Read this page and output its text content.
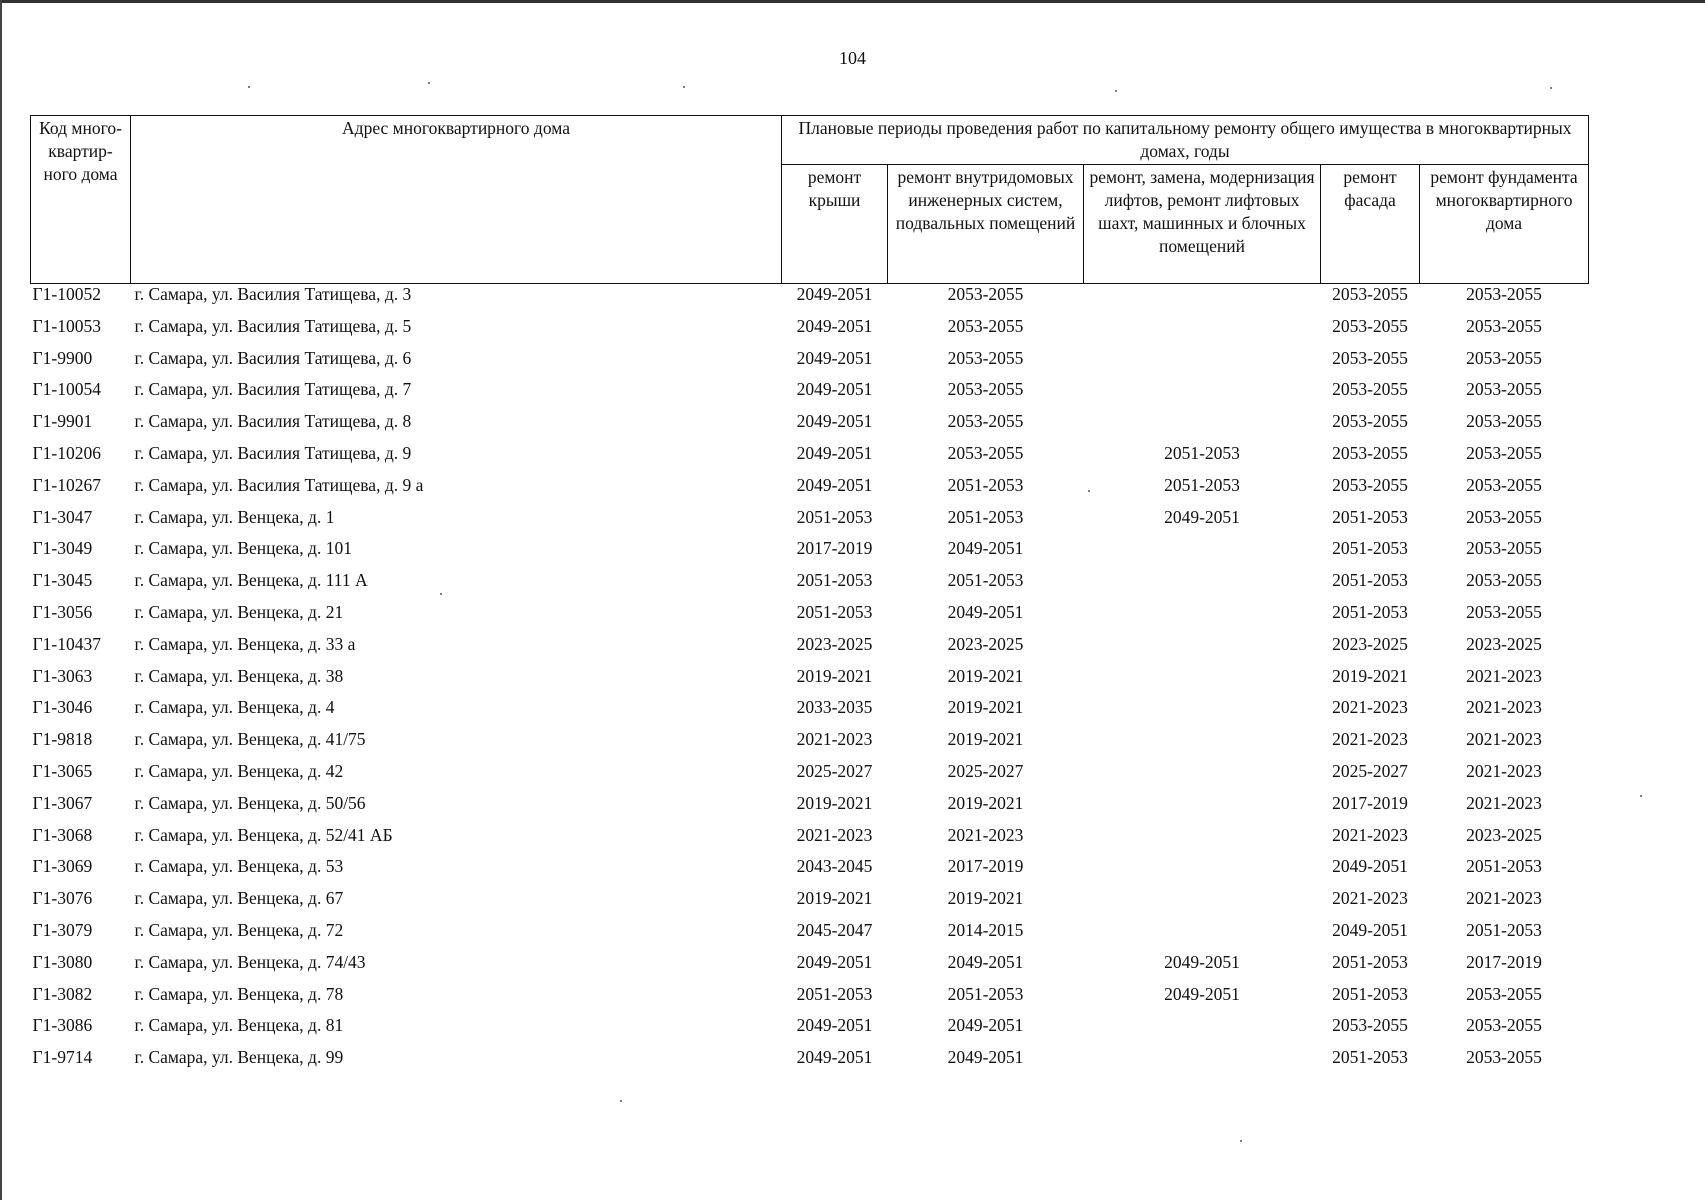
104
Код много-квартир-ного дома	Адрес многоквартирного дома	Плановые периоды проведения работ по капитальному ремонту общего имущества в многоквартирных домах, годы				
		ремонт крыши	ремонт внутридомовых инженерных систем, подвальных помещений	ремонт, замена, модернизация лифтов, ремонт лифтовых шахт, машинных и блочных помещений	ремонт фасада	ремонт фундамента многоквартирного дома
Г1-10052	г. Самара, ул. Василия Татищева, д. 3	2049-2051	2053-2055		2053-2055	2053-2055
Г1-10053	г. Самара, ул. Василия Татищева, д. 5	2049-2051	2053-2055		2053-2055	2053-2055
Г1-9900	г. Самара, ул. Василия Татищева, д. 6	2049-2051	2053-2055		2053-2055	2053-2055
Г1-10054	г. Самара, ул. Василия Татищева, д. 7	2049-2051	2053-2055		2053-2055	2053-2055
Г1-9901	г. Самара, ул. Василия Татищева, д. 8	2049-2051	2053-2055		2053-2055	2053-2055
Г1-10206	г. Самара, ул. Василия Татищева, д. 9	2049-2051	2053-2055	2051-2053	2053-2055	2053-2055
Г1-10267	г. Самара, ул. Василия Татищева, д. 9 а	2049-2051	2051-2053	2051-2053	2053-2055	2053-2055
Г1-3047	г. Самара, ул. Венцека, д. 1	2051-2053	2051-2053	2049-2051	2051-2053	2053-2055
Г1-3049	г. Самара, ул. Венцека, д. 101	2017-2019	2049-2051		2051-2053	2053-2055
Г1-3045	г. Самара, ул. Венцека, д. 111 А	2051-2053	2051-2053		2051-2053	2053-2055
Г1-3056	г. Самара, ул. Венцека, д. 21	2051-2053	2049-2051		2051-2053	2053-2055
Г1-10437	г. Самара, ул. Венцека, д. 33 а	2023-2025	2023-2025		2023-2025	2023-2025
Г1-3063	г. Самара, ул. Венцека, д. 38	2019-2021	2019-2021		2019-2021	2021-2023
Г1-3046	г. Самара, ул. Венцека, д. 4	2033-2035	2019-2021		2021-2023	2021-2023
Г1-9818	г. Самара, ул. Венцека, д. 41/75	2021-2023	2019-2021		2021-2023	2021-2023
Г1-3065	г. Самара, ул. Венцека, д. 42	2025-2027	2025-2027		2025-2027	2021-2023
Г1-3067	г. Самара, ул. Венцека, д. 50/56	2019-2021	2019-2021		2017-2019	2021-2023
Г1-3068	г. Самара, ул. Венцека, д. 52/41 АБ	2021-2023	2021-2023		2021-2023	2023-2025
Г1-3069	г. Самара, ул. Венцека, д. 53	2043-2045	2017-2019		2049-2051	2051-2053
Г1-3076	г. Самара, ул. Венцека, д. 67	2019-2021	2019-2021		2021-2023	2021-2023
Г1-3079	г. Самара, ул. Венцека, д. 72	2045-2047	2014-2015		2049-2051	2051-2053
Г1-3080	г. Самара, ул. Венцека, д. 74/43	2049-2051	2049-2051	2049-2051	2051-2053	2017-2019
Г1-3082	г. Самара, ул. Венцека, д. 78	2051-2053	2051-2053	2049-2051	2051-2053	2053-2055
Г1-3086	г. Самара, ул. Венцека, д. 81	2049-2051	2049-2051		2053-2055	2053-2055
Г1-9714	г. Самара, ул. Венцека, д. 99	2049-2051	2049-2051		2051-2053	2053-2055
